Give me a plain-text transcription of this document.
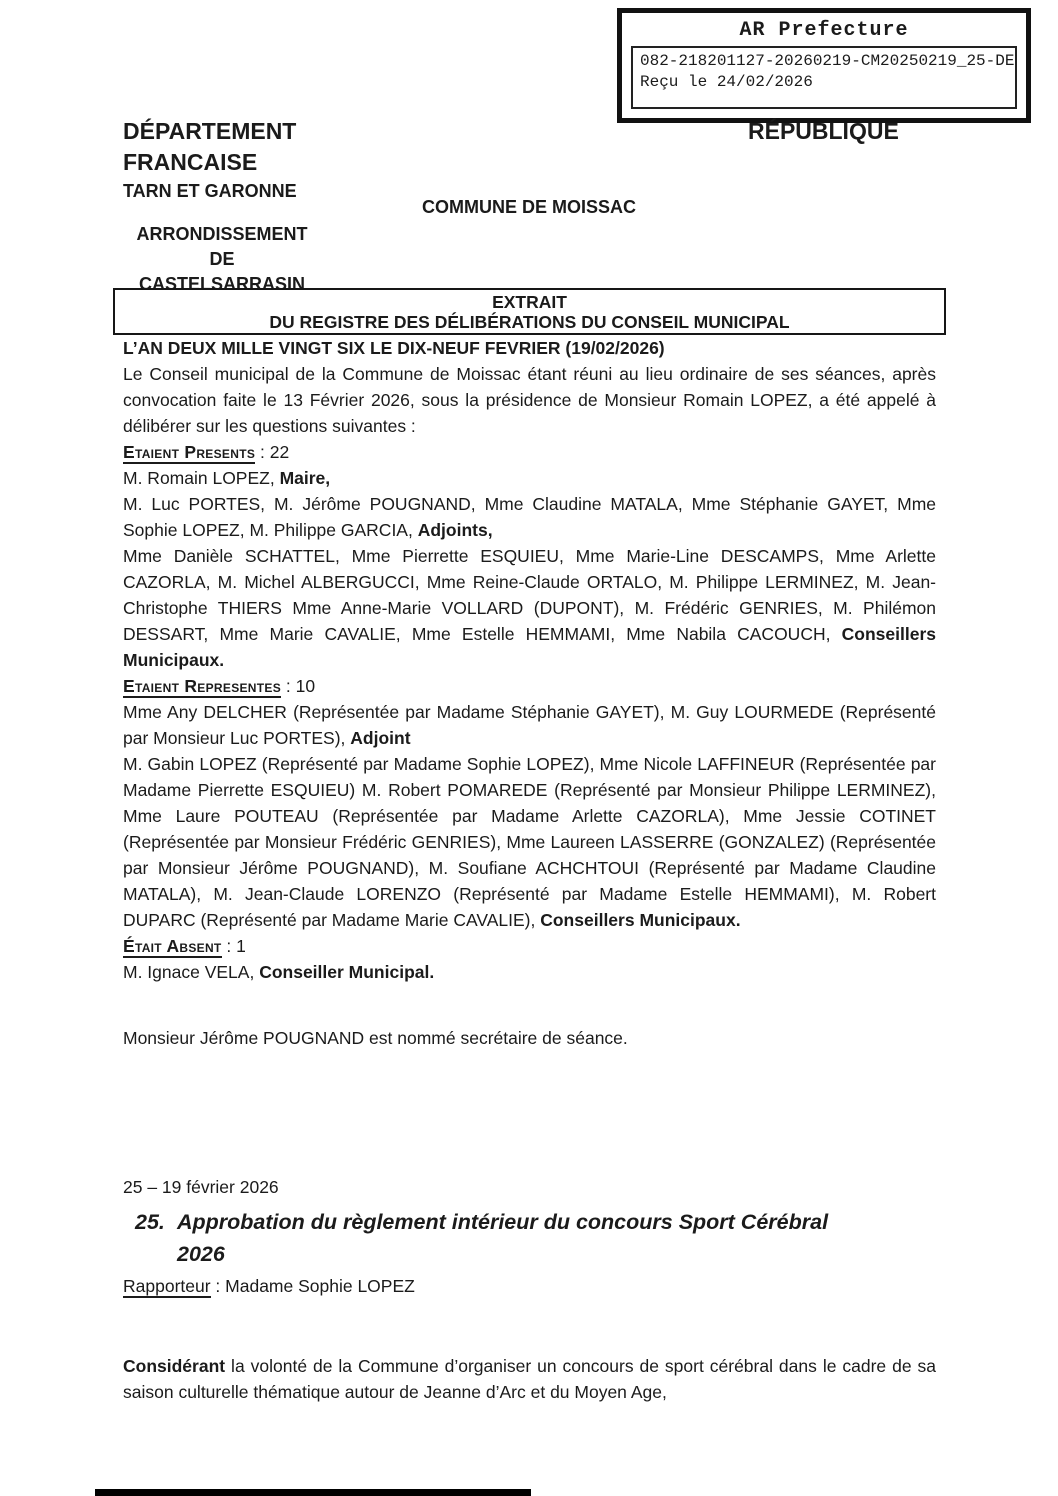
AR Prefecture
082-218201127-20260219-CM20250219_25-DE
Reçu le 24/02/2026
DÉPARTEMENT
FRANCAISE
TARN ET GARONNE
RÉPUBLIQUE
COMMUNE DE MOISSAC
ARRONDISSEMENT
DE
CASTELSARRASIN
EXTRAIT
DU REGISTRE DES DÉLIBÉRATIONS DU CONSEIL MUNICIPAL
L’AN DEUX MILLE VINGT SIX LE DIX-NEUF FEVRIER (19/02/2026)
Le Conseil municipal de la Commune de Moissac étant réuni au lieu ordinaire de ses séances, après convocation faite le 13 Février 2026, sous la présidence de Monsieur Romain LOPEZ, a été appelé à délibérer sur les questions suivantes :
Etaient Presents : 22
M. Romain LOPEZ, Maire,
M. Luc PORTES, M. Jérôme POUGNAND, Mme Claudine MATALA, Mme Stéphanie GAYET, Mme Sophie LOPEZ, M. Philippe GARCIA, Adjoints,
Mme Danièle SCHATTEL, Mme Pierrette ESQUIEU, Mme Marie-Line DESCAMPS, Mme Arlette CAZORLA, M. Michel ALBERGUCCI, Mme Reine-Claude ORTALO, M. Philippe LERMINEZ, M. Jean-Christophe THIERS Mme Anne-Marie VOLLARD (DUPONT), M. Frédéric GENRIES, M. Philémon DESSART, Mme Marie CAVALIE, Mme Estelle HEMMAMI, Mme Nabila CACOUCH, Conseillers Municipaux.
Etaient Representes : 10
Mme Any DELCHER (Représentée par Madame Stéphanie GAYET), M. Guy LOURMEDE (Représenté par Monsieur Luc PORTES), Adjoint
M. Gabin LOPEZ (Représenté par Madame Sophie LOPEZ), Mme Nicole LAFFINEUR (Représentée par Madame Pierrette ESQUIEU) M. Robert POMAREDE (Représenté par Monsieur Philippe LERMINEZ), Mme Laure POUTEAU (Représentée par Madame Arlette CAZORLA), Mme Jessie COTINET (Représentée par Monsieur Frédéric GENRIES), Mme Laureen LASSERRE (GONZALEZ) (Représentée par Monsieur Jérôme POUGNAND), M. Soufiane ACHCHTOUI (Représenté par Madame Claudine MATALA), M. Jean-Claude LORENZO (Représenté par Madame Estelle HEMMAMI), M. Robert DUPARC (Représenté par Madame Marie CAVALIE), Conseillers Municipaux.
Était Absent : 1
M. Ignace VELA, Conseiller Municipal.
Monsieur Jérôme POUGNAND est nommé secrétaire de séance.
25 – 19 février 2026
25. Approbation du règlement intérieur du concours Sport Cérébral
2026
Rapporteur : Madame Sophie LOPEZ
Considérant la volonté de la Commune d’organiser un concours de sport cérébral dans le cadre de sa saison culturelle thématique autour de Jeanne d’Arc et du Moyen Age,
